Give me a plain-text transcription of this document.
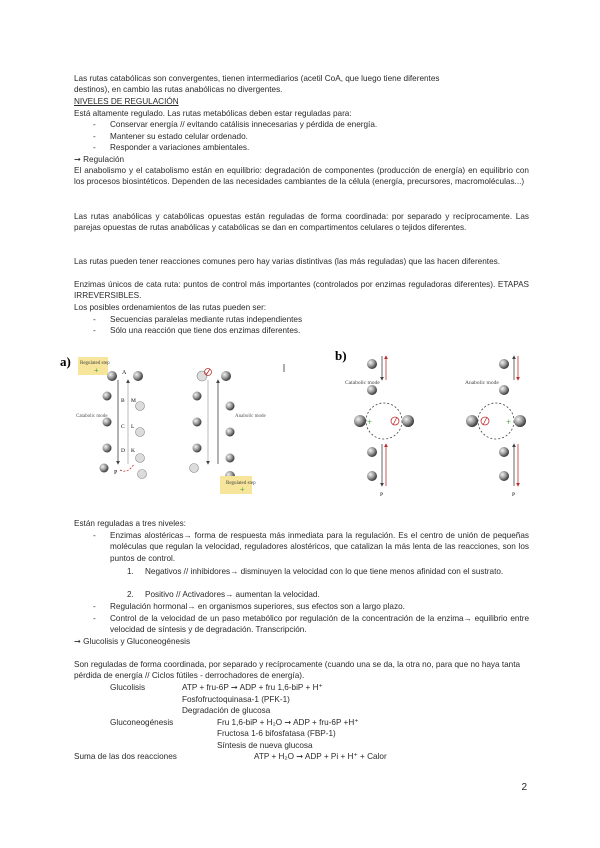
Las rutas catabólicas son convergentes, tienen intermediarios (acetil CoA, que luego tiene diferentes
destinos), en cambio las rutas anabólicas no divergentes.

NIVELES DE REGULACIÓN

Está altamente regulado. Las rutas metabólicas deben estar reguladas para:

- Conservar energía // evitando catálisis innecesarias y pérdida de energía.
- Mantener su estado celular ordenado.
- Responder a variaciones ambientales.

➞ Regulación

El anabolismo y el catabolismo están en equilibrio: degradación de componentes (producción de energía) en equilibrio con los procesos biosintéticos. Dependen de las necesidades cambiantes de la célula (energía, precursores, macromoléculas...)

Las rutas anabólicas y catabólicas opuestas están reguladas de forma coordinada: por separado y recíprocamente. Las parejas opuestas de rutas anabólicas y catabólicas se dan en compartimentos celulares o tejidos diferentes.

Las rutas pueden tener reacciones comunes pero hay varias distintivas (las más reguladas) que las hacen diferentes.

Enzimas únicos de cata ruta: puntos de control más importantes (controlados por enzimas reguladoras diferentes). ETAPAS IRREVERSIBLES.

Los posibles ordenamientos de las rutas pueden ser:

- Secuencias paralelas mediante rutas independientes
- Sólo una reacción que tiene dos enzimas diferentes.
a) Regulated step
+	A
B
C
D
M
L
K
Catabolic mode
P
Anabolic mode
Regulated step
+
b)
Catabolic mode
+
P
Anabolic mode
+
P

Están reguladas a tres niveles:

- Enzimas alostéricas→ forma de respuesta más inmediata para la regulación. Es el centro de unión de pequeñas moléculas que regulan la velocidad, reguladores alostéricos, que catalizan la más lenta de las reacciones, son los puntos de control.

1. Negativos // inhibidores→ disminuyen la velocidad con lo que tiene menos afinidad con el sustrato.

2. Positivo // Activadores→ aumentan la velocidad.

- Regulación hormonal→ en organismos superiores, sus efectos son a largo plazo.

- Control de la velocidad de un paso metabólico por regulación de la concentración de la enzima→ equilibrio entre velocidad de síntesis y de degradación. Transcripción.

➞ Glucolisis y Gluconeogénesis

Son reguladas de forma coordinada, por separado y recíprocamente (cuando una se da, la otra no, para que no haya tanta pérdida de energía // Ciclos fútiles - derrochadores de energía).

Glucolisis	ATP + fru-6P ➞ ADP + fru 1,6-biP + H⁺
Fosfofructoquinasa-1 (PFK-1)
Degradación de glucosa
Gluconeogénesis	Fru 1,6-biP + H₂O ➞ ADP + fru-6P +H⁺
Fructosa 1-6 bifosfatasa (FBP-1)
Síntesis de nueva glucosa
Suma de las dos reacciones	ATP + H₂O ➞ ADP + Pi + H⁺ + Calor
2
